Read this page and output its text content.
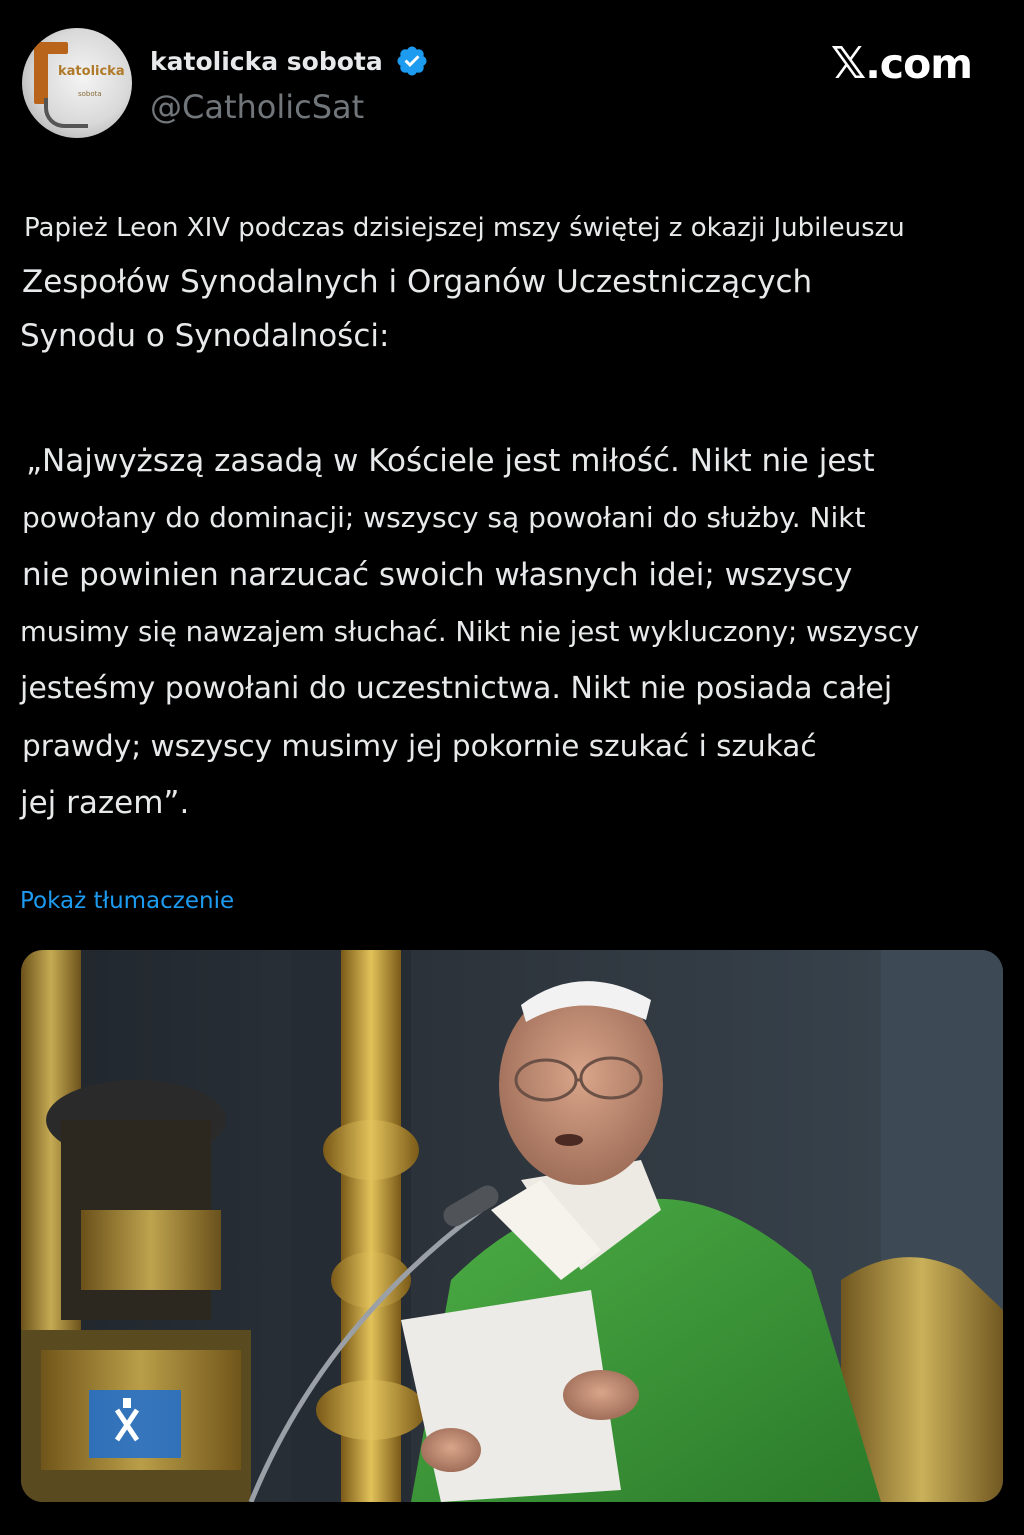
katolicka
sobota
katolicka sobota
@CatholicSat
𝕏 .com
Papież Leon XIV podczas dzisiejszej mszy świętej z okazji Jubileuszu
Zespołów Synodalnych i Organów Uczestniczących
Synodu o Synodalności:
„Najwyższą zasadą w Kościele jest miłość. Nikt nie jest
powołany do dominacji; wszyscy są powołani do służby. Nikt
nie powinien narzucać swoich własnych idei; wszyscy
musimy się nawzajem słuchać. Nikt nie jest wykluczony; wszyscy
jesteśmy powołani do uczestnictwa. Nikt nie posiada całej
prawdy; wszyscy musimy jej pokornie szukać i szukać
jej razem”.
Pokaż tłumaczenie
